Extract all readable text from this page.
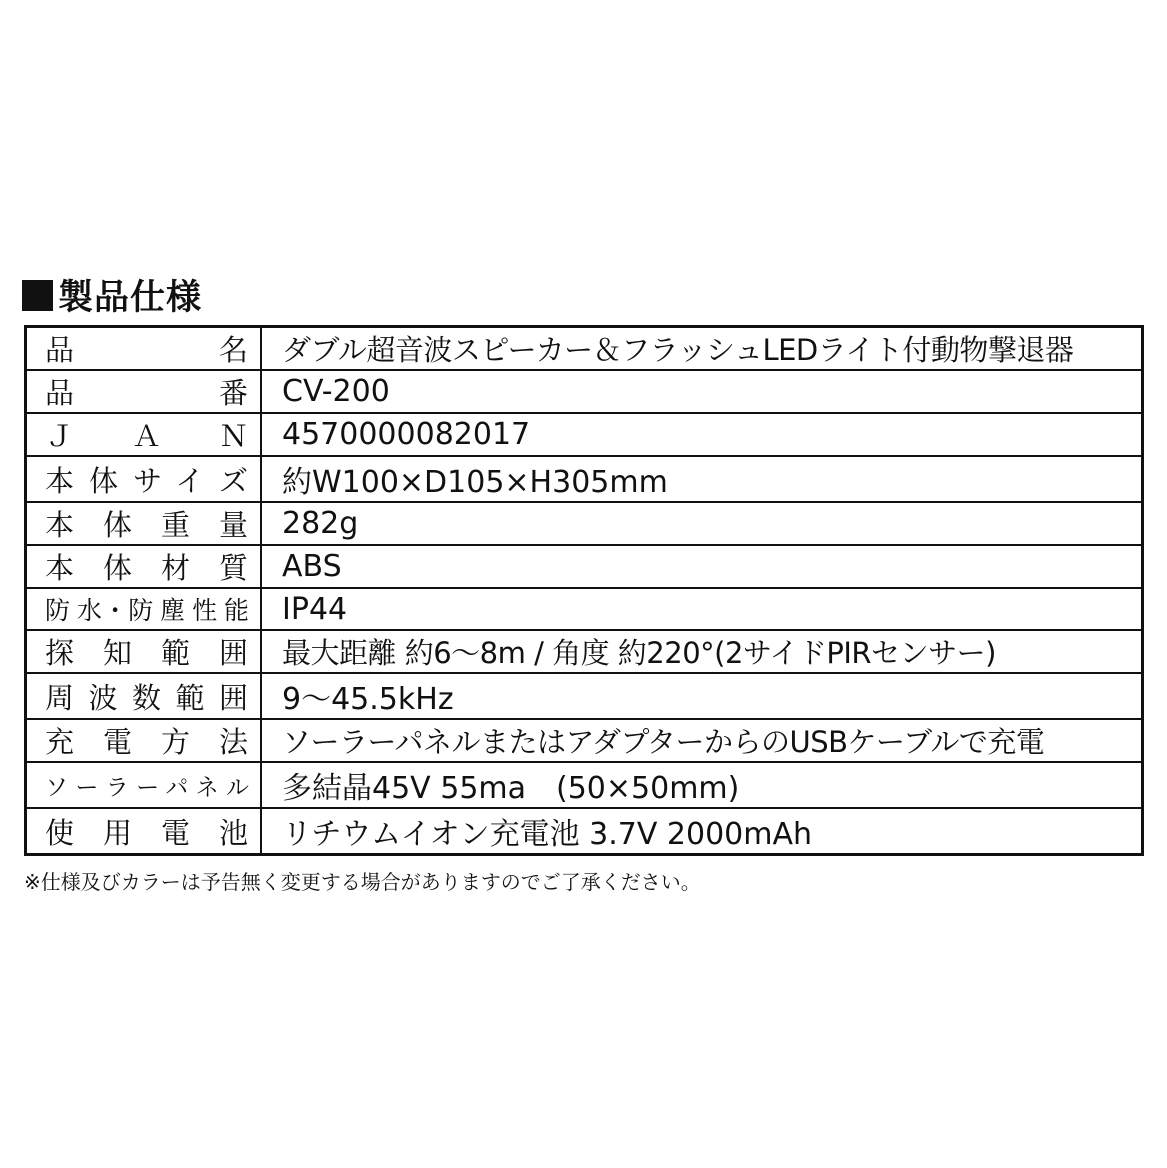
製品仕様
品　　　名	ダブル超音波スピーカー＆フラッシュLEDライト付動物撃退器
品　　　番	CV-200
Ｊ　Ａ　Ｎ	4570000082017
本体サイズ	約W100×D105×H305mm
本体重量	282g
本体材質	ABS
防水･防塵性能	IP44
探知範囲	最大距離 約6～8m / 角度 約220°(2サイドPIRセンサー)
周波数範囲	9～45.5kHz
充電方法	ソーラーパネルまたはアダプターからのUSBケーブルで充電
ソーラーパネル	多結晶45V 55ma　(50×50mm)
使用電池	リチウムイオン充電池 3.7V 2000mAh
※仕様及びカラーは予告無く変更する場合がありますのでご了承ください。
